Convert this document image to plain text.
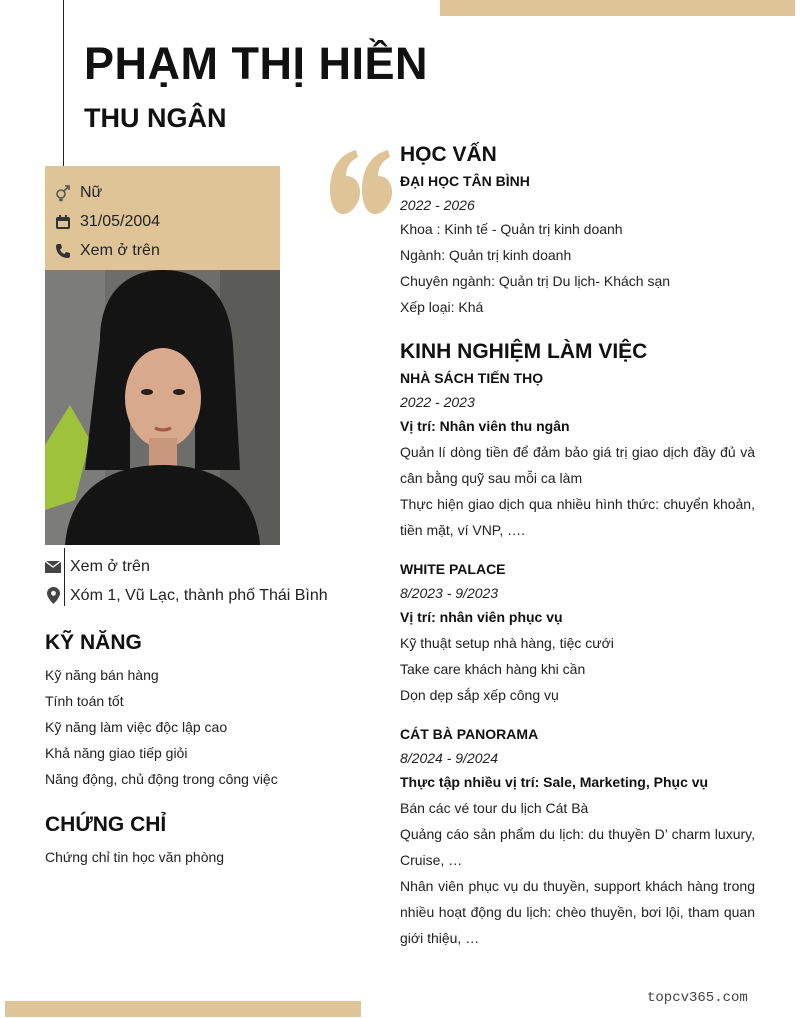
PHẠM THỊ HIỀN
THU NGÂN
Nữ
31/05/2004
Xem ở trên
Xem ở trên
Xóm 1, Vũ Lạc, thành phố Thái Bình
KỸ NĂNG
Kỹ năng bán hàng
Tính toán tốt
Kỹ năng làm việc độc lập cao
Khả năng giao tiếp giỏi
Năng động, chủ động trong công việc
CHỨNG CHỈ
Chứng chỉ tin học văn phòng
HỌC VẤN
ĐẠI HỌC TÂN BÌNH
2022 - 2026
Khoa : Kinh tế - Quản trị kinh doanh
Ngành: Quản trị kinh doanh
Chuyên ngành: Quản trị Du lịch- Khách sạn
Xếp loại: Khá
KINH NGHIỆM LÀM VIỆC
NHÀ SÁCH TIẾN THỌ
2022 - 2023
Vị trí: Nhân viên thu ngân
Quản lí dòng tiền để đảm bảo giá trị giao dịch đầy đủ và cân bằng quỹ sau mỗi ca làm
Thực hiện giao dịch qua nhiều hình thức: chuyển khoản, tiền mặt, ví VNP, ….
WHITE PALACE
8/2023 - 9/2023
Vị trí: nhân viên phục vụ
Kỹ thuật setup nhà hàng, tiệc cưới
Take care khách hàng khi cần
Dọn dẹp sắp xếp công vụ
CÁT BÀ PANORAMA
8/2024 - 9/2024
Thực tập nhiều vị trí: Sale, Marketing, Phục vụ
Bán các vé tour du lịch Cát Bà
Quảng cáo sản phẩm du lịch: du thuyền D’ charm luxury, Cruise, …
Nhân viên phục vụ du thuyền, support khách hàng trong nhiều hoạt động du lịch: chèo thuyền, bơi lội, tham quan giới thiệu, …
topcv365.com
